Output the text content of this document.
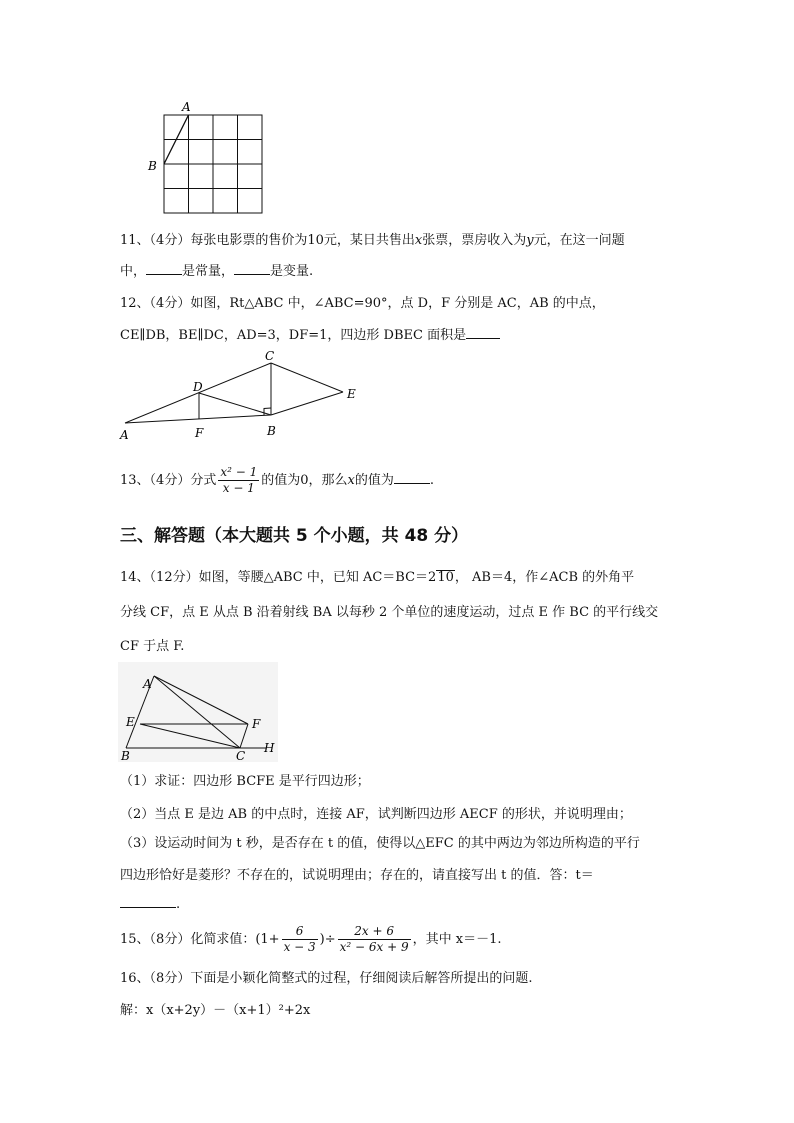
A
B
11、（4分）每张电影票的售价为10元，某日共售出x张票，票房收入为y元，在这一问题
中，	是常量，	是变量.
12、（4分）如图，Rt△ABC 中，∠ABC=90°，点 D，F 分别是 AC，AB 的中点，
CE∥DB，BE∥DC，AD=3，DF=1，四边形 DBEC 面积是
A	B
C
D	E
F
13、（4分）分式 $\frac{\text{x² − 1}}{x - 1}$ 的值为0，那么x的值为	.
三、解答题（本大题共 5 个小题，共 48 分）
14、（12分）如图，等腰△ABC 中，已知 AC＝BC＝210， AB＝4，作∠ACB 的外角平
分线 CF，点 E 从点 B 沿着射线 BA 以每秒 2 个单位的速度运动，过点 E 作 BC 的平行线交
CF 于点 F.
A
B	C
E	F
H
（1）求证：四边形 BCFE 是平行四边形；
（2）当点 E 是边 AB 的中点时，连接 AF，试判断四边形 AECF 的形状，并说明理由；
（3）设运动时间为 t 秒，是否存在 t 的值，使得以△EFC 的其中两边为邻边所构造的平行
四边形恰好是菱形？不存在的，试说明理由；存在的，请直接写出 t 的值．答：t＝
.
15、（8分）化简求值：($1+ \frac{6}{x - 3}$ )÷ $\frac{2x + 6}{\text{x² − 6x + 9}}$ ，其中 x＝－1.
16、（8分）下面是小颖化简整式的过程，仔细阅读后解答所提出的问题.
解：x（x+2y）－（x+1）²+2x
